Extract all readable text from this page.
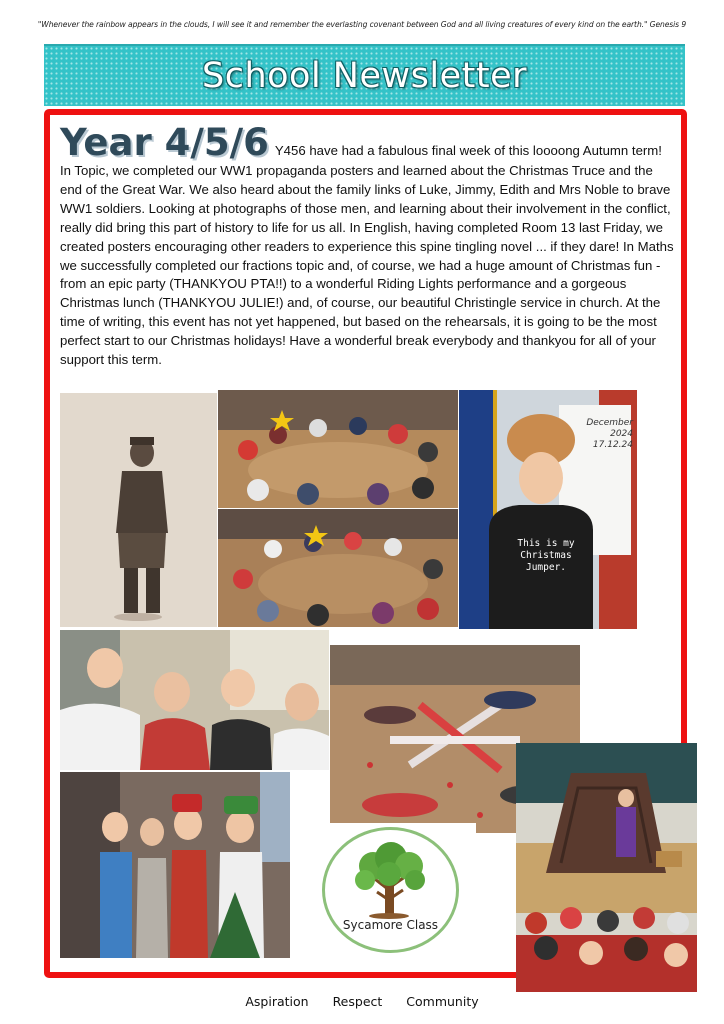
"Whenever the rainbow appears in the clouds, I will see it and remember the everlasting covenant between God and all living creatures of every kind on the earth." Genesis 9
School Newsletter
Year 4/5/6 Y456 have had a fabulous final week of this loooong Autumn term! In Topic, we completed our WW1 propaganda posters and learned about the Christmas Truce and the end of the Great War. We also heard about the family links of Luke, Jimmy, Edith and Mrs Noble to brave WW1 soldiers. Looking at photographs of those men, and learning about their involvement in the conflict, really did bring this part of history to life for us all. In English, having completed Room 13 last Friday, we created posters encouraging other readers to experience this spine tingling novel ... if they dare! In Maths we successfully completed our fractions topic and, of course, we had a huge amount of Christmas fun - from an epic party (THANKYOU PTA!!) to a wonderful Riding Lights performance and a gorgeous Christmas lunch (THANKYOU JULIE!) and, of course, our beautiful Christingle service in church. At the time of writing, this event has not yet happened, but based on the rehearsals, it is going to be the most perfect start to our Christmas holidays! Have a wonderful break everybody and thankyou for all of your support this term.
December 2024
17.12.24
This is my
Christmas
Jumper.
Sycamore Class
Aspiration Respect Community
